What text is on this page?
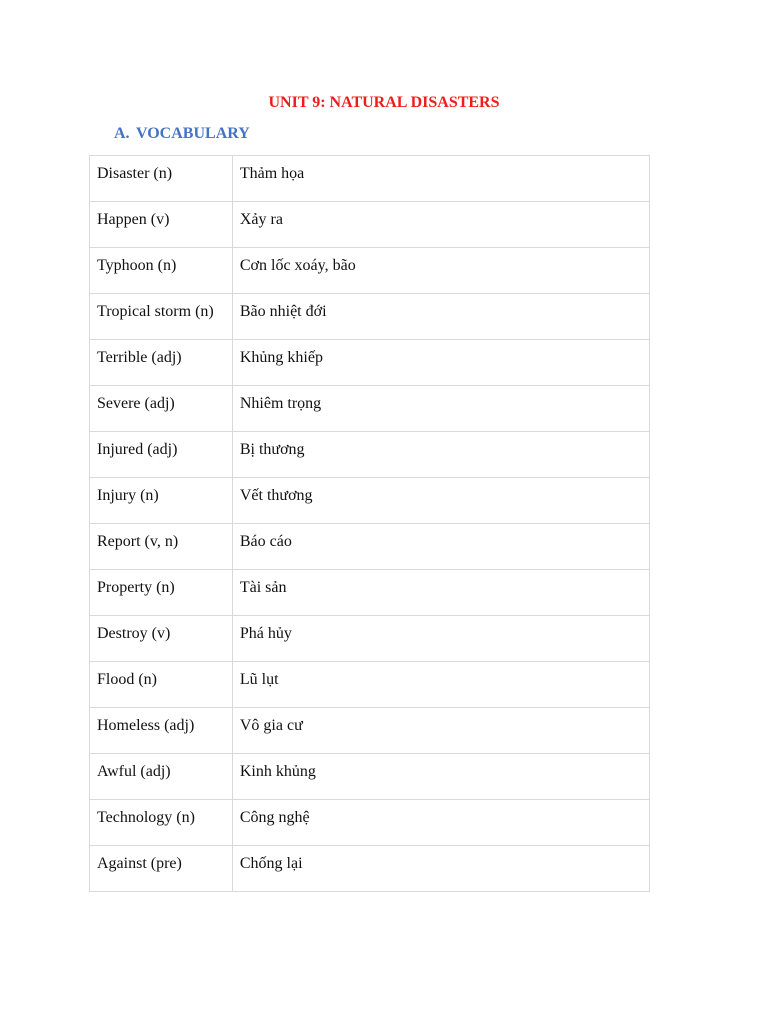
UNIT 9: NATURAL DISASTERS
A. VOCABULARY
Disaster (n)	Thảm họa
Happen (v)	Xảy ra
Typhoon (n)	Cơn lốc xoáy, bão
Tropical storm (n)	Bão nhiệt đới
Terrible (adj)	Khủng khiếp
Severe (adj)	Nhiêm trọng
Injured (adj)	Bị thương
Injury (n)	Vết thương
Report (v, n)	Báo cáo
Property (n)	Tài sản
Destroy (v)	Phá hủy
Flood (n)	Lũ lụt
Homeless (adj)	Vô gia cư
Awful (adj)	Kinh khủng
Technology (n)	Công nghệ
Against (pre)	Chống lại
